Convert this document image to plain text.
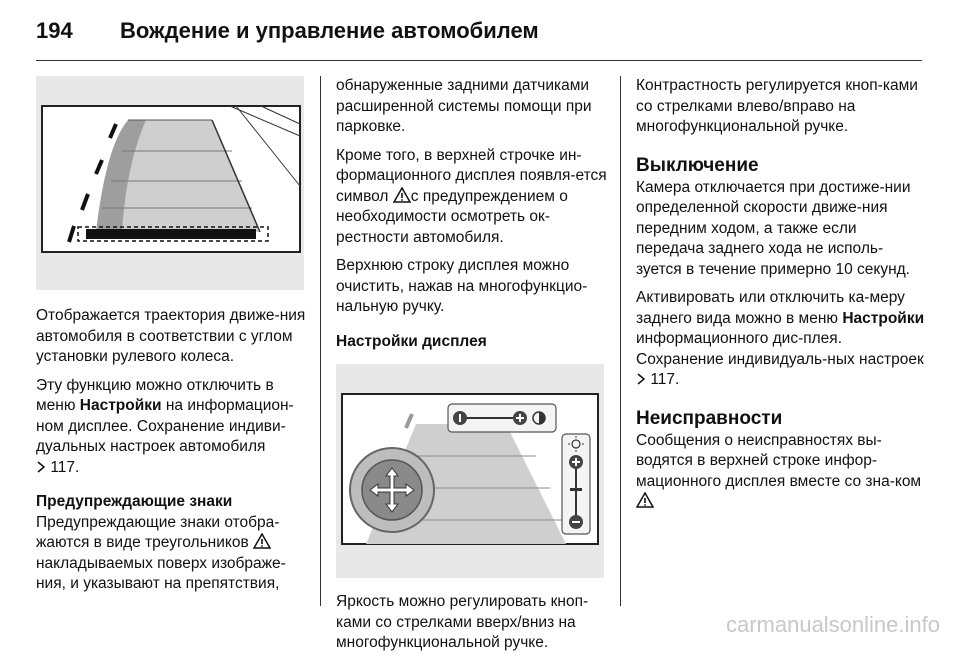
194 Вождение и управление автомобилем

Отображается траектория движе-ния автомобиля в соответствии с углом установки рулевого колеса.

Эту функцию можно отключить в меню Настройки на информацион-ном дисплее. Сохранение индиви-дуальных настроек автомобиля
117.

Предупреждающие знаки

Предупреждающие знаки отобра-жаются в виде треугольников
накладываемых поверх изображе-ния, и указывают на препятствия,

обнаруженные задними датчиками расширенной системы помощи при парковке.

Кроме того, в верхней строчке ин-формационного дисплея появля-ется символ с предупреждением о необходимости осмотреть ок-рестности автомобиля.

Верхнюю строку дисплея можно очистить, нажав на многофункцио-нальную ручку.

Настройки дисплея

Яркость можно регулировать кноп-ками со стрелками вверх/вниз на многофункциональной ручке.

Контрастность регулируется кноп-ками со стрелками влево/вправо на многофункциональной ручке.

Выключение

Камера отключается при достиже-нии определенной скорости движе-ния передним ходом, а также если передача заднего хода не исполь-зуется в течение примерно 10 секунд.

Активировать или отключить ка-меру заднего вида можно в меню Настройки информационного дис-плея. Сохранение индивидуаль-ных настроек  117.

Неисправности

Сообщения о неисправностях вы-водятся в верхней строке инфор-мационного дисплея вместе со зна-ком

carmanualsonline.info
